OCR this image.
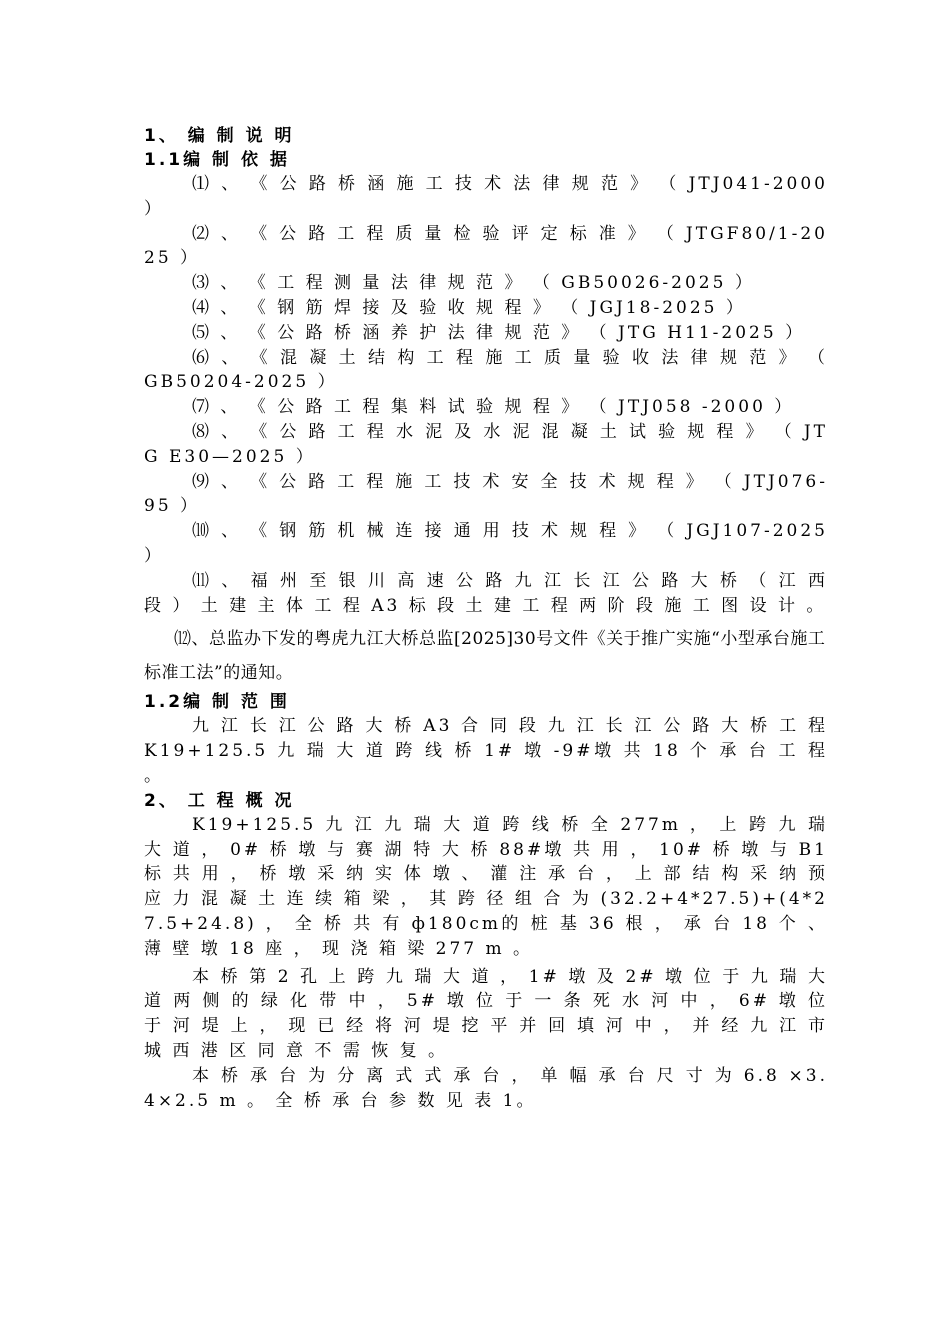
1、 编 制 说 明
1.1编 制 依 据
⑴ 、 《 公 路 桥 涵 施 工 技 术 法 律 规 范 》 （ JTJ041-2000 ）
⑵ 、 《 公 路 工 程 质 量 检 验 评 定 标 准 》 （ JTGF80/1-2025 ）
⑶ 、 《 工 程 测 量 法 律 规 范 》 （ GB50026-2025 ）
⑷ 、 《 钢 筋 焊 接 及 验 收 规 程 》 （ JGJ18-2025 ）
⑸ 、 《 公 路 桥 涵 养 护 法 律 规 范 》 （ JTG H11-2025 ）
⑹ 、 《 混 凝 土 结 构 工 程 施 工 质 量 验 收 法 律 规 范 》 （ GB50204-2025 ）
⑺ 、 《 公 路 工 程 集 料 试 验 规 程 》 （ JTJ058 -2000 ）
⑻ 、 《 公 路 工 程 水 泥 及 水 泥 混 凝 土 试 验 规 程 》 （ JTG E30—2025 ）
⑼ 、 《 公 路 工 程 施 工 技 术 安 全 技 术 规 程 》 （ JTJ076-95 ）
⑽ 、 《 钢 筋 机 械 连 接 通 用 技 术 规 程 》 （ JGJ107-2025 ）
⑾ 、 福 州 至 银 川 高 速 公 路 九 江 长 江 公 路 大 桥 （ 江 西 段 ） 土 建 主 体 工 程 A3 标 段 土 建 工 程 两 阶 段 施 工 图 设 计 。
⑿、总监办下发的粤虎九江大桥总监[2025]30号文件《关于推广实施“小型承台施工标准工法”的通知。
1.2编 制 范 围
九 江 长 江 公 路 大 桥 A3 合 同 段 九 江 长 江 公 路 大 桥 工 程 K19+125.5 九 瑞 大 道 跨 线 桥 1# 墩 -9#墩 共 18 个 承 台 工 程 。
2、 工 程 概 况
K19+125.5 九 江 九 瑞 大 道 跨 线 桥 全 277m ， 上 跨 九 瑞 大 道 ， 0# 桥 墩 与 赛 湖 特 大 桥 88#墩 共 用 ， 10# 桥 墩 与 B1 标 共 用 ， 桥 墩 采 纳 实 体 墩 、 灌 注 承 台 ， 上 部 结 构 采 纳 预 应 力 混 凝 土 连 续 箱 梁 ， 其 跨 径 组 合 为 (32.2+4*27.5)+(4*27.5+24.8) ， 全 桥 共 有 ф180cm的 桩 基 36 根 ， 承 台 18 个 、 薄 壁 墩 18 座 ， 现 浇 箱 梁 277 m 。
本 桥 第 2 孔 上 跨 九 瑞 大 道 ， 1# 墩 及 2# 墩 位 于 九 瑞 大 道 两 侧 的 绿 化 带 中 ， 5# 墩 位 于 一 条 死 水 河 中 ， 6# 墩 位 于 河 堤 上 ， 现 已 经 将 河 堤 挖 平 并 回 填 河 中 ， 并 经 九 江 市 城 西 港 区 同 意 不 需 恢 复 。
本 桥 承 台 为 分 离 式 式 承 台 ， 单 幅 承 台 尺 寸 为 6.8 ×3.4×2.5 m 。 全 桥 承 台 参 数 见 表 1。
